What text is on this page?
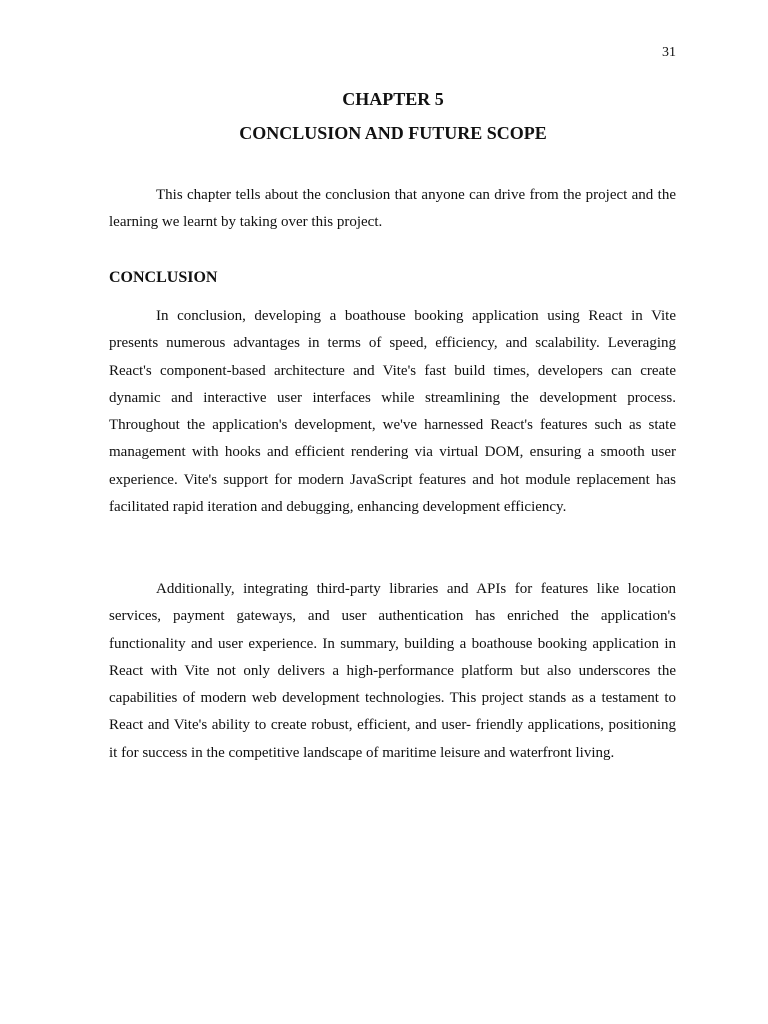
31
CHAPTER 5
CONCLUSION AND FUTURE SCOPE

This chapter tells about the conclusion that anyone can drive from the project and the learning we learnt by taking over this project.

CONCLUSION

In conclusion, developing a boathouse booking application using React in Vite presents numerous advantages in terms of speed, efficiency, and scalability. Leveraging React's component-based architecture and Vite's fast build times, developers can create dynamic and interactive user interfaces while streamlining the development process. Throughout the application's development, we've harnessed React's features such as state management with hooks and efficient rendering via virtual DOM, ensuring a smooth user experience. Vite's support for modern JavaScript features and hot module replacement has facilitated rapid iteration and debugging, enhancing development efficiency.

Additionally, integrating third-party libraries and APIs for features like location services, payment gateways, and user authentication has enriched the application's functionality and user experience. In summary, building a boathouse booking application in React with Vite not only delivers a high-performance platform but also underscores the capabilities of modern web development technologies. This project stands as a testament to React and Vite's ability to create robust, efficient, and user- friendly applications, positioning it for success in the competitive landscape of maritime leisure and waterfront living.
